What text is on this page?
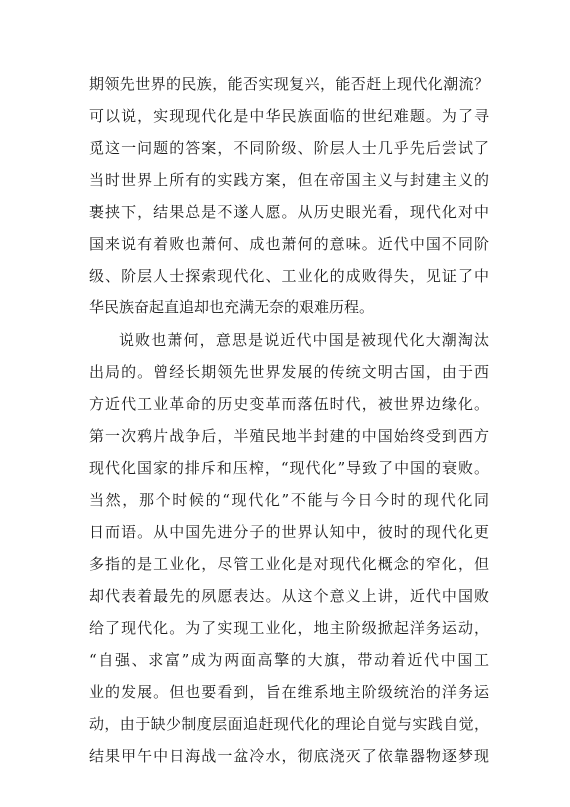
期领先世界的民族，能否实现复兴，能否赶上现代化潮流？
可以说，实现现代化是中华民族面临的世纪难题。为了寻
觅这一问题的答案，不同阶级、阶层人士几乎先后尝试了
当时世界上所有的实践方案，但在帝国主义与封建主义的
裹挟下，结果总是不遂人愿。从历史眼光看，现代化对中
国来说有着败也萧何、成也萧何的意味。近代中国不同阶
级、阶层人士探索现代化、工业化的成败得失，见证了中
华民族奋起直追却也充满无奈的艰难历程。
说败也萧何，意思是说近代中国是被现代化大潮淘汰
出局的。曾经长期领先世界发展的传统文明古国，由于西
方近代工业革命的历史变革而落伍时代，被世界边缘化。
第一次鸦片战争后，半殖民地半封建的中国始终受到西方
现代化国家的排斥和压榨，“现代化”导致了中国的衰败。
当然，那个时候的“现代化”不能与今日今时的现代化同
日而语。从中国先进分子的世界认知中，彼时的现代化更
多指的是工业化，尽管工业化是对现代化概念的窄化，但
却代表着最先的夙愿表达。从这个意义上讲，近代中国败
给了现代化。为了实现工业化，地主阶级掀起洋务运动，
“自强、求富”成为两面高擎的大旗，带动着近代中国工
业的发展。但也要看到，旨在维系地主阶级统治的洋务运
动，由于缺少制度层面追赶现代化的理论自觉与实践自觉，
结果甲午中日海战一盆冷水，彻底浇灭了依靠器物逐梦现
